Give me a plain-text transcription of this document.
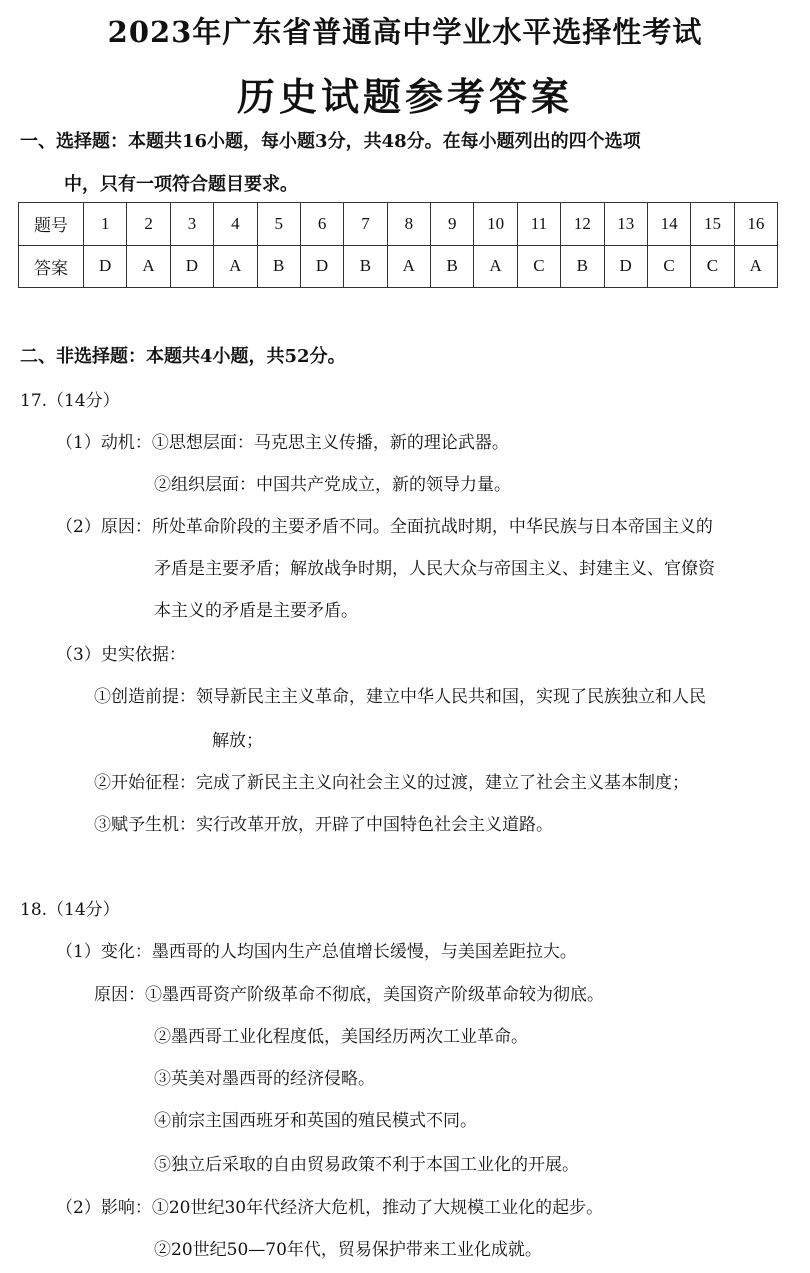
2023年广东省普通高中学业水平选择性考试
历史试题参考答案
一、选择题：本题共16小题，每小题3分，共48分。在每小题列出的四个选项
中，只有一项符合题目要求。
题号	1	2	3	4	5	6	7	8	9	10	11	12	13	14	15	16
答案	D	A	D	A	B	D	B	A	B	A	C	B	D	C	C	A
二、非选择题：本题共4小题，共52分。
17.（14分）
（1）动机：①思想层面：马克思主义传播，新的理论武器。
②组织层面：中国共产党成立，新的领导力量。
（2）原因：所处革命阶段的主要矛盾不同。全面抗战时期，中华民族与日本帝国主义的
矛盾是主要矛盾；解放战争时期，人民大众与帝国主义、封建主义、官僚资
本主义的矛盾是主要矛盾。
（3）史实依据：
①创造前提：领导新民主主义革命，建立中华人民共和国，实现了民族独立和人民
解放；
②开始征程：完成了新民主主义向社会主义的过渡，建立了社会主义基本制度；
③赋予生机：实行改革开放，开辟了中国特色社会主义道路。
18.（14分）
（1）变化：墨西哥的人均国内生产总值增长缓慢，与美国差距拉大。
原因：①墨西哥资产阶级革命不彻底，美国资产阶级革命较为彻底。
②墨西哥工业化程度低，美国经历两次工业革命。
③英美对墨西哥的经济侵略。
④前宗主国西班牙和英国的殖民模式不同。
⑤独立后采取的自由贸易政策不利于本国工业化的开展。
（2）影响：①20世纪30年代经济大危机，推动了大规模工业化的起步。
②20世纪50—70年代，贸易保护带来工业化成就。
